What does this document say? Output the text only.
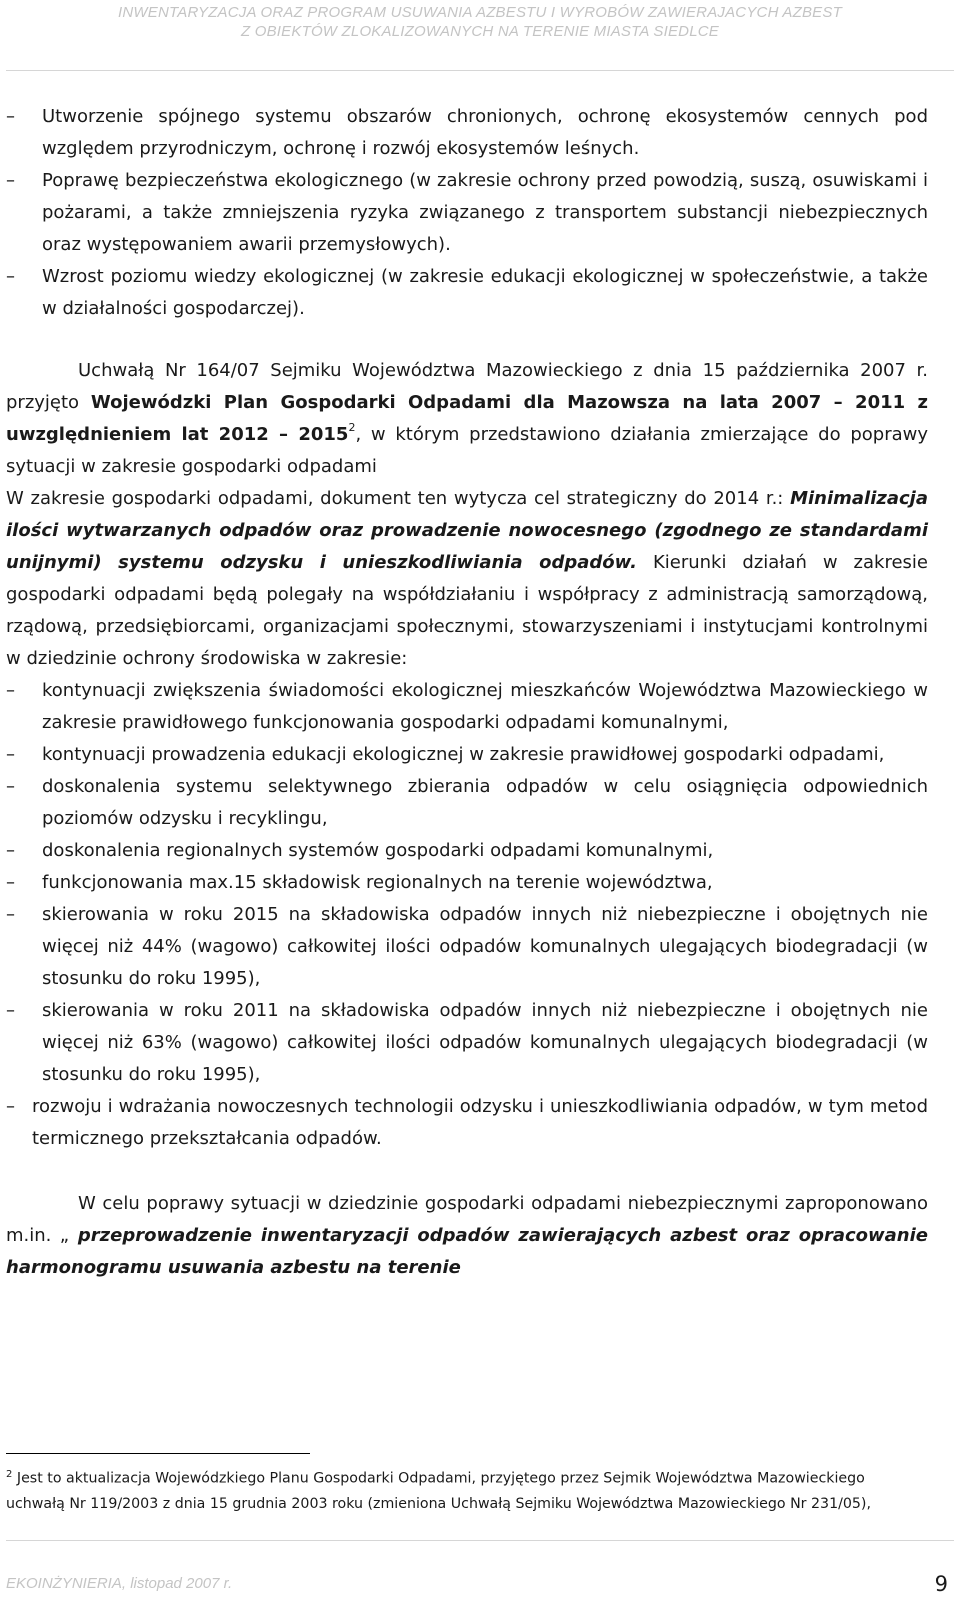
INWENTARYZACJA ORAZ PROGRAM USUWANIA AZBESTU I WYROBÓW ZAWIERAJACYCH AZBEST
Z OBIEKTÓW ZLOKALIZOWANYCH NA TERENIE MIASTA SIEDLCE
–	Utworzenie spójnego systemu obszarów chronionych, ochronę ekosystemów cennych pod względem przyrodniczym, ochronę i rozwój ekosystemów leśnych.
–	Poprawę bezpieczeństwa ekologicznego (w zakresie ochrony przed powodzią, suszą, osuwiskami i pożarami, a także zmniejszenia ryzyka związanego z transportem substancji niebezpiecznych oraz występowaniem awarii przemysłowych).
–	Wzrost poziomu wiedzy ekologicznej (w zakresie edukacji ekologicznej w społeczeństwie, a także w działalności gospodarczej).

Uchwałą Nr 164/07 Sejmiku Województwa Mazowieckiego z dnia 15 października 2007 r. przyjęto Wojewódzki Plan Gospodarki Odpadami dla Mazowsza na lata 2007 – 2011 z uwzględnieniem lat 2012 – 2015$^2$, w którym przedstawiono działania zmierzające do poprawy sytuacji w zakresie gospodarki odpadami

W zakresie gospodarki odpadami, dokument ten wytycza cel strategiczny do 2014 r.: Minimalizacja ilości wytwarzanych odpadów oraz prowadzenie nowocesnego (zgodnego ze standardami unijnymi) systemu odzysku i unieszkodliwiania odpadów. Kierunki działań w zakresie gospodarki odpadami będą polegały na współdziałaniu i współpracy z administracją samorządową, rządową, przedsiębiorcami, organizacjami społecznymi, stowarzyszeniami i instytucjami kontrolnymi w dziedzinie ochrony środowiska w zakresie:

–	kontynuacji zwiększenia świadomości ekologicznej mieszkańców Województwa Mazowieckiego w zakresie prawidłowego funkcjonowania gospodarki odpadami komunalnymi,
–	kontynuacji prowadzenia edukacji ekologicznej w zakresie prawidłowej gospodarki odpadami,
–	doskonalenia systemu selektywnego zbierania odpadów w celu osiągnięcia odpowiednich poziomów odzysku i recyklingu,
–	doskonalenia regionalnych systemów gospodarki odpadami komunalnymi,
–	funkcjonowania max.15 składowisk regionalnych na terenie województwa,
–	skierowania w roku 2015 na składowiska odpadów innych niż niebezpieczne i obojętnych nie więcej niż 44% (wagowo) całkowitej ilości odpadów komunalnych ulegających biodegradacji (w stosunku do roku 1995),
–	skierowania w roku 2011 na składowiska odpadów innych niż niebezpieczne i obojętnych nie więcej niż 63% (wagowo) całkowitej ilości odpadów komunalnych ulegających biodegradacji (w stosunku do roku 1995),
– rozwoju i wdrażania nowoczesnych technologii odzysku i unieszkodliwiania odpadów, w tym metod termicznego przekształcania odpadów.

W celu poprawy sytuacji w dziedzinie gospodarki odpadami niebezpiecznymi zaproponowano m.in. „ przeprowadzenie inwentaryzacji odpadów zawierających azbest oraz opracowanie harmonogramu usuwania azbestu na terenie

$^2$ Jest to aktualizacja Wojewódzkiego Planu Gospodarki Odpadami, przyjętego przez Sejmik Województwa Mazowieckiego uchwałą Nr 119/2003 z dnia 15 grudnia 2003 roku (zmieniona Uchwałą Sejmiku Województwa Mazowieckiego Nr 231/05),

EKOINŻYNIERIA, listopad 2007 r.	9
